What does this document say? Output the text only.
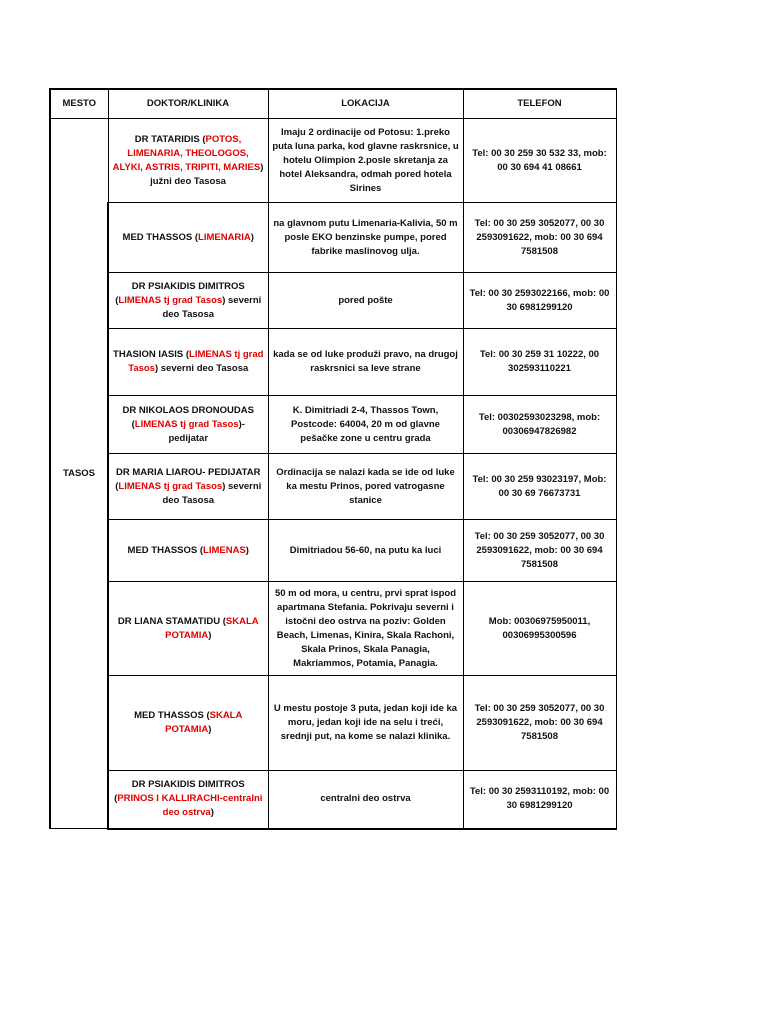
MESTO	DOKTOR/KLINIKA	LOKACIJA	TELEFON
TASOS	DR TATARIDIS (POTOS, LIMENARIA, THEOLOGOS, ALYKI, ASTRIS, TRIPITI, MARIES) južni deo Tasosa	Imaju 2 ordinacije od Potosu: 1.preko puta luna parka, kod glavne raskrsnice, u hotelu Olimpion 2.posle skretanja za hotel Aleksandra, odmah pored hotela Sirines	Tel: 00 30 259 30 532 33, mob: 00 30 694 41 08661
	MED THASSOS (LIMENARIA)	na glavnom putu Limenaria-Kalivia, 50 m posle EKO benzinske pumpe, pored fabrike maslinovog ulja.	Tel: 00 30 259 3052077, 00 30 2593091622, mob: 00 30 694 7581508
	DR PSIAKIDIS DIMITROS (LIMENAS tj grad Tasos) severni deo Tasosa	pored pošte	Tel: 00 30 2593022166, mob: 00 30 6981299120
	THASION IASIS (LIMENAS tj grad Tasos) severni deo Tasosa	kada se od luke produži pravo, na drugoj raskrsnici sa leve strane	Tel: 00 30 259 31 10222, 00 302593110221
	DR NIKOLAOS DRONOUDAS (LIMENAS tj grad Tasos)-pedijatar	K. Dimitriadi 2-4, Thassos Town, Postcode: 64004, 20 m od glavne pešačke zone u centru grada	Tel: 00302593023298, mob: 00306947826982
	DR MARIA LIAROU- PEDIJATAR (LIMENAS tj grad Tasos) severni deo Tasosa	Ordinacija se nalazi kada se ide od luke ka mestu Prinos, pored vatrogasne stanice	Tel: 00 30 259 93023197, Mob: 00 30 69 76673731
	MED THASSOS (LIMENAS)	Dimitriadou 56-60, na putu ka luci	Tel: 00 30 259 3052077, 00 30 2593091622, mob: 00 30 694 7581508
	DR LIANA STAMATIDU (SKALA POTAMIA)	50 m od mora, u centru, prvi sprat ispod apartmana Stefania. Pokrivaju severni i istočni deo ostrva na poziv: Golden Beach, Limenas, Kinira, Skala Rachoni, Skala Prinos, Skala Panagia, Makriammos, Potamia, Panagia.	Mob: 00306975950011, 00306995300596
	MED THASSOS (SKALA POTAMIA)	U mestu postoje 3 puta, jedan koji ide ka moru, jedan koji ide na selu i treći, srednji put, na kome se nalazi klinika.	Tel: 00 30 259 3052077, 00 30 2593091622, mob: 00 30 694 7581508
	DR PSIAKIDIS DIMITROS (PRINOS I KALLIRACHI-centralni deo ostrva)	centralni deo ostrva	Tel: 00 30 2593110192, mob: 00 30 6981299120
